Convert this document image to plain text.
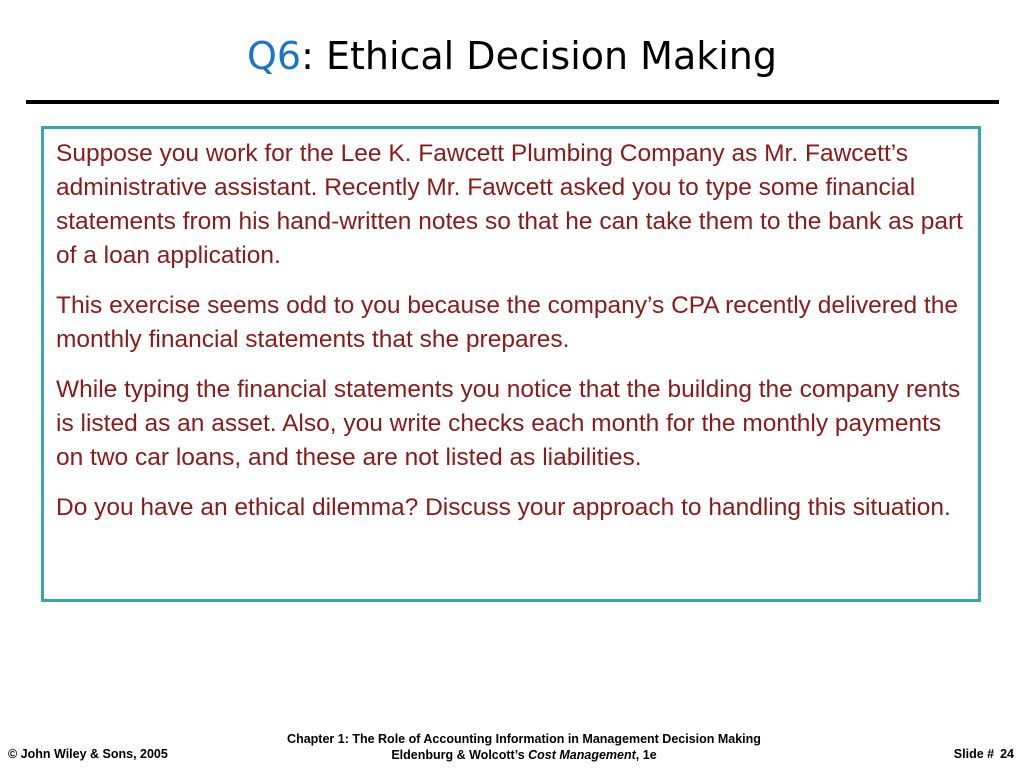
Q6: Ethical Decision Making

Suppose you work for the Lee K. Fawcett Plumbing Company as Mr. Fawcett’s administrative assistant. Recently Mr. Fawcett asked you to type some financial statements from his hand-written notes so that he can take them to the bank as part of a loan application.

This exercise seems odd to you because the company’s CPA recently delivered the monthly financial statements that she prepares.

While typing the financial statements you notice that the building the company rents is listed as an asset. Also, you write checks each month for the monthly payments on two car loans, and these are not listed as liabilities.

Do you have an ethical dilemma? Discuss your approach to handling this situation.

© John Wiley & Sons, 2005
Chapter 1: The Role of Accounting Information in Management Decision Making
Eldenburg & Wolcott’s Cost Management, 1e	Slide # 24
